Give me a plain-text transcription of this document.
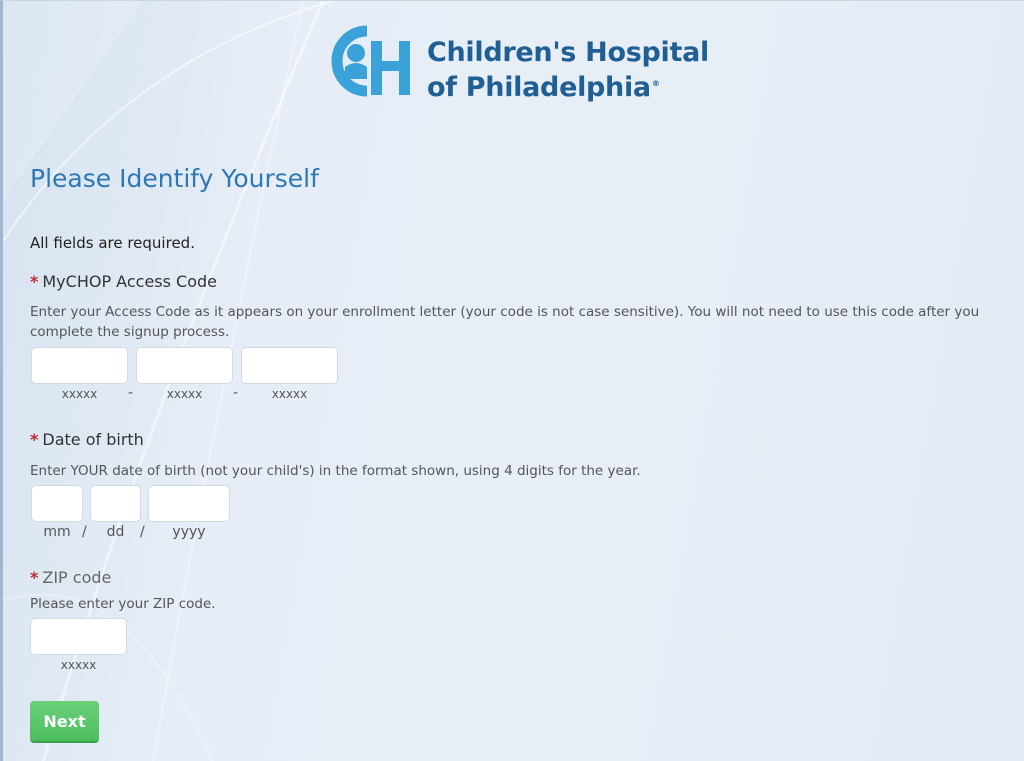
Children's Hospital
of Philadelphia®
Please Identify Yourself
All fields are required.
* MyCHOP Access Code
Enter your Access Code as it appears on your enrollment letter (your code is not case sensitive). You will not need to use this code after you complete the signup process.
xxxxx	-	xxxxx	-	xxxxx
* Date of birth
Enter YOUR date of birth (not your child's) in the format shown, using 4 digits for the year.
mm /	dd	/	yyyy
* ZIP code
Please enter your ZIP code.
xxxxx
Next
